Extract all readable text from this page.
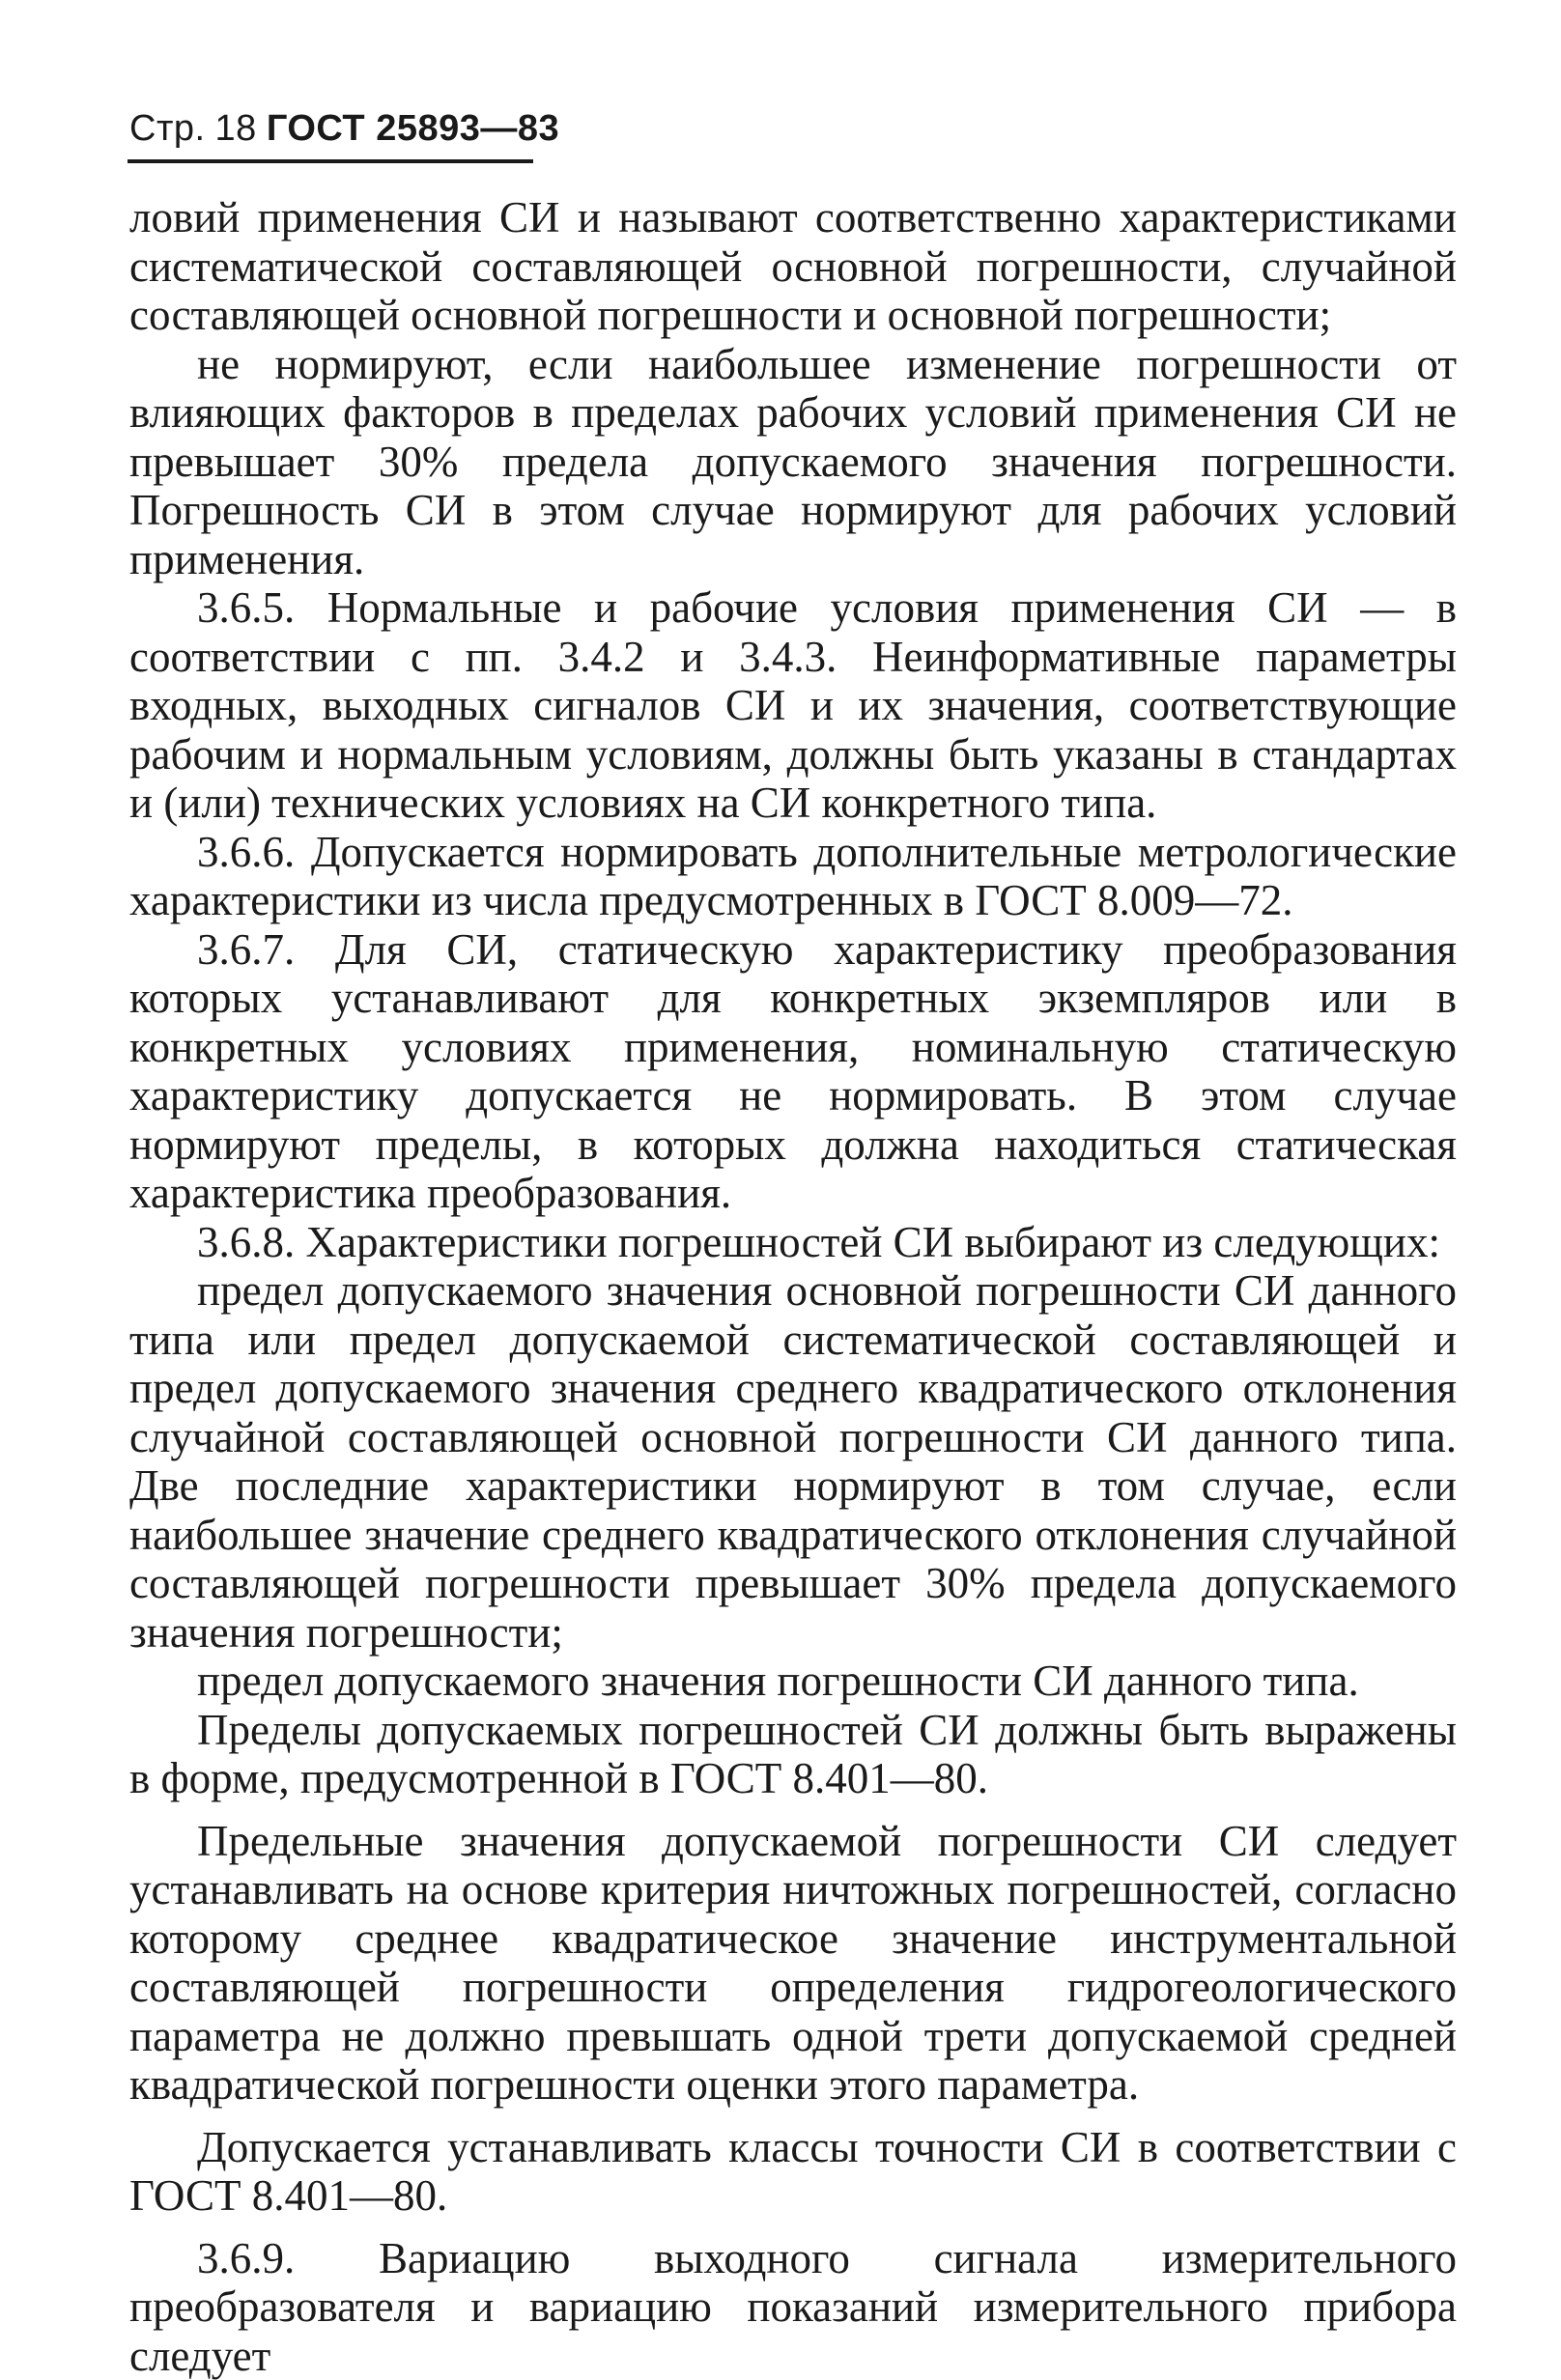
Стр. 18 ГОСТ 25893—83

ловий применения СИ и называют соответственно характеристиками систематической составляющей основной погрешности, случайной составляющей основной погрешности и основной погрешности;

не нормируют, если наибольшее изменение погрешности от влияющих факторов в пределах рабочих условий применения СИ не превышает 30% предела допускаемого значения погрешности. Погрешность СИ в этом случае нормируют для рабочих условий применения.

3.6.5. Нормальные и рабочие условия применения СИ — в соответствии с пп. 3.4.2 и 3.4.3. Неинформативные параметры входных, выходных сигналов СИ и их значения, соответствующие рабочим и нормальным условиям, должны быть указаны в стандартах и (или) технических условиях на СИ конкретного типа.

3.6.6. Допускается нормировать дополнительные метрологические характеристики из числа предусмотренных в ГОСТ 8.009—72.

3.6.7. Для СИ, статическую характеристику преобразования которых устанавливают для конкретных экземпляров или в конкретных условиях применения, номинальную статическую характеристику допускается не нормировать. В этом случае нормируют пределы, в которых должна находиться статическая характеристика преобразования.

3.6.8. Характеристики погрешностей СИ выбирают из следующих:

предел допускаемого значения основной погрешности СИ данного типа или предел допускаемой систематической составляющей и предел допускаемого значения среднего квадратического отклонения случайной составляющей основной погрешности СИ данного типа. Две последние характеристики нормируют в том случае, если наибольшее значение среднего квадратического отклонения случайной составляющей погрешности превышает 30% предела допускаемого значения погрешности;

предел допускаемого значения погрешности СИ данного типа.

Пределы допускаемых погрешностей СИ должны быть выражены в форме, предусмотренной в ГОСТ 8.401—80.

Предельные значения допускаемой погрешности СИ следует устанавливать на основе критерия ничтожных погрешностей, согласно которому среднее квадратическое значение инструментальной составляющей погрешности определения гидрогеологического параметра не должно превышать одной трети допускаемой средней квадратической погрешности оценки этого параметра.

Допускается устанавливать классы точности СИ в соответствии с ГОСТ 8.401—80.

3.6.9. Вариацию выходного сигнала измерительного преобразователя и вариацию показаний измерительного прибора следует
